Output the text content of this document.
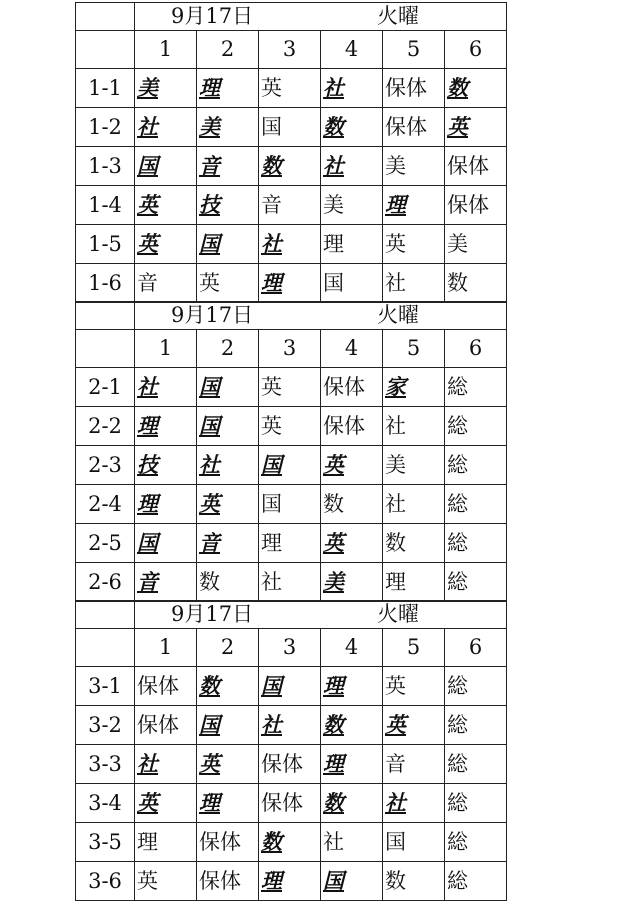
	9月17日 火曜					

	1	2	3	4	5	6
1-1	美	理	英	社	保体	数
1-2	社	美	国	数	保体	英
1-3	国	音	数	社	美	保体
1-4	英	技	音	美	理	保体
1-5	英	国	社	理	英	美
1-6	音	英	理	国	社	数

	9月17日 火曜					

	1	2	3	4	5	6
2-1	社	国	英	保体	家	総
2-2	理	国	英	保体	社	総
2-3	技	社	国	英	美	総
2-4	理	英	国	数	社	総
2-5	国	音	理	英	数	総
2-6	音	数	社	美	理	総

	9月17日 火曜					

	1	2	3	4	5	6
3-1	保体	数	国	理	英	総
3-2	保体	国	社	数	英	総
3-3	社	英	保体	理	音	総
3-4	英	理	保体	数	社	総
3-5	理	保体	数	社	国	総
3-6	英	保体	理	国	数	総
